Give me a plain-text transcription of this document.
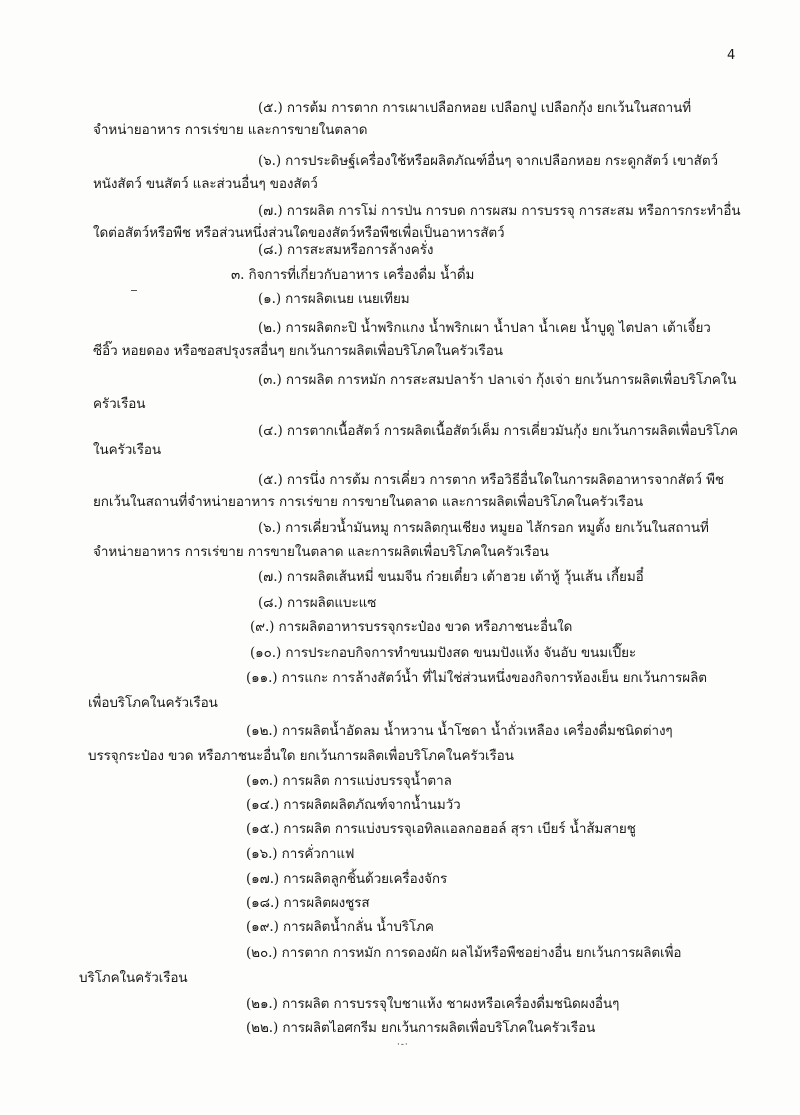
4
(๕.) การต้ม การตาก การเผาเปลือกหอย เปลือกปู เปลือกกุ้ง ยกเว้นในสถานที่
จำหน่ายอาหาร การเร่ขาย และการขายในตลาด
(๖.) การประดิษฐ์เครื่องใช้หรือผลิตภัณฑ์อื่นๆ จากเปลือกหอย กระดูกสัตว์ เขาสัตว์
หนังสัตว์ ขนสัตว์ และส่วนอื่นๆ ของสัตว์
(๗.) การผลิต การโม่ การป่น การบด การผสม การบรรจุ การสะสม หรือการกระทำอื่น
ใดต่อสัตว์หรือพืช หรือส่วนหนึ่งส่วนใดของสัตว์หรือพืชเพื่อเป็นอาหารสัตว์
(๘.) การสะสมหรือการล้างครั่ง
๓. กิจการที่เกี่ยวกับอาหาร เครื่องดื่ม น้ำดื่ม
(๑.) การผลิตเนย เนยเทียม
(๒.) การผลิตกะปิ น้ำพริกแกง น้ำพริกเผา น้ำปลา น้ำเคย น้ำบูดู ไตปลา เต้าเจี้ยว
ซีอิ๊ว หอยดอง หรือซอสปรุงรสอื่นๆ ยกเว้นการผลิตเพื่อบริโภคในครัวเรือน
(๓.) การผลิต การหมัก การสะสมปลาร้า ปลาเจ่า กุ้งเจ่า ยกเว้นการผลิตเพื่อบริโภคใน
ครัวเรือน
(๔.) การตากเนื้อสัตว์ การผลิตเนื้อสัตว์เค็ม การเคี่ยวมันกุ้ง ยกเว้นการผลิตเพื่อบริโภค
ในครัวเรือน
(๕.) การนึ่ง การต้ม การเคี่ยว การตาก หรือวิธีอื่นใดในการผลิตอาหารจากสัตว์ พืช
ยกเว้นในสถานที่จำหน่ายอาหาร การเร่ขาย การขายในตลาด และการผลิตเพื่อบริโภคในครัวเรือน
(๖.) การเคี่ยวน้ำมันหมู การผลิตกุนเชียง หมูยอ ไส้กรอก หมูตั้ง ยกเว้นในสถานที่
จำหน่ายอาหาร การเร่ขาย การขายในตลาด และการผลิตเพื่อบริโภคในครัวเรือน
(๗.) การผลิตเส้นหมี่ ขนมจีน ก๋วยเตี๋ยว เต้าฮวย เต้าหู้ วุ้นเส้น เกี้ยมอี๋
(๘.) การผลิตแบะแซ
(๙.) การผลิตอาหารบรรจุกระป๋อง ขวด หรือภาชนะอื่นใด
(๑๐.) การประกอบกิจการทำขนมปังสด ขนมปังแห้ง จันอับ ขนมเปี๊ยะ
(๑๑.) การแกะ การล้างสัตว์น้ำ ที่ไม่ใช่ส่วนหนึ่งของกิจการห้องเย็น ยกเว้นการผลิต
เพื่อบริโภคในครัวเรือน
(๑๒.) การผลิตน้ำอัดลม น้ำหวาน น้ำโซดา น้ำถั่วเหลือง เครื่องดื่มชนิดต่างๆ
บรรจุกระป๋อง ขวด หรือภาชนะอื่นใด ยกเว้นการผลิตเพื่อบริโภคในครัวเรือน
(๑๓.) การผลิต การแบ่งบรรจุน้ำตาล
(๑๔.) การผลิตผลิตภัณฑ์จากน้ำนมวัว
(๑๕.) การผลิต การแบ่งบรรจุเอทิลแอลกอฮอล์ สุรา เบียร์ น้ำส้มสายชู
(๑๖.) การคั่วกาแฟ
(๑๗.) การผลิตลูกชิ้นด้วยเครื่องจักร
(๑๘.) การผลิตผงชูรส
(๑๙.) การผลิตน้ำกลั่น น้ำบริโภค
(๒๐.) การตาก การหมัก การดองผัก ผลไม้หรือพืชอย่างอื่น ยกเว้นการผลิตเพื่อ
บริโภคในครัวเรือน
(๒๑.) การผลิต การบรรจุใบชาแห้ง ชาผงหรือเครื่องดื่มชนิดผงอื่นๆ
(๒๒.) การผลิตไอศกรีม ยกเว้นการผลิตเพื่อบริโภคในครัวเรือน
·-·
